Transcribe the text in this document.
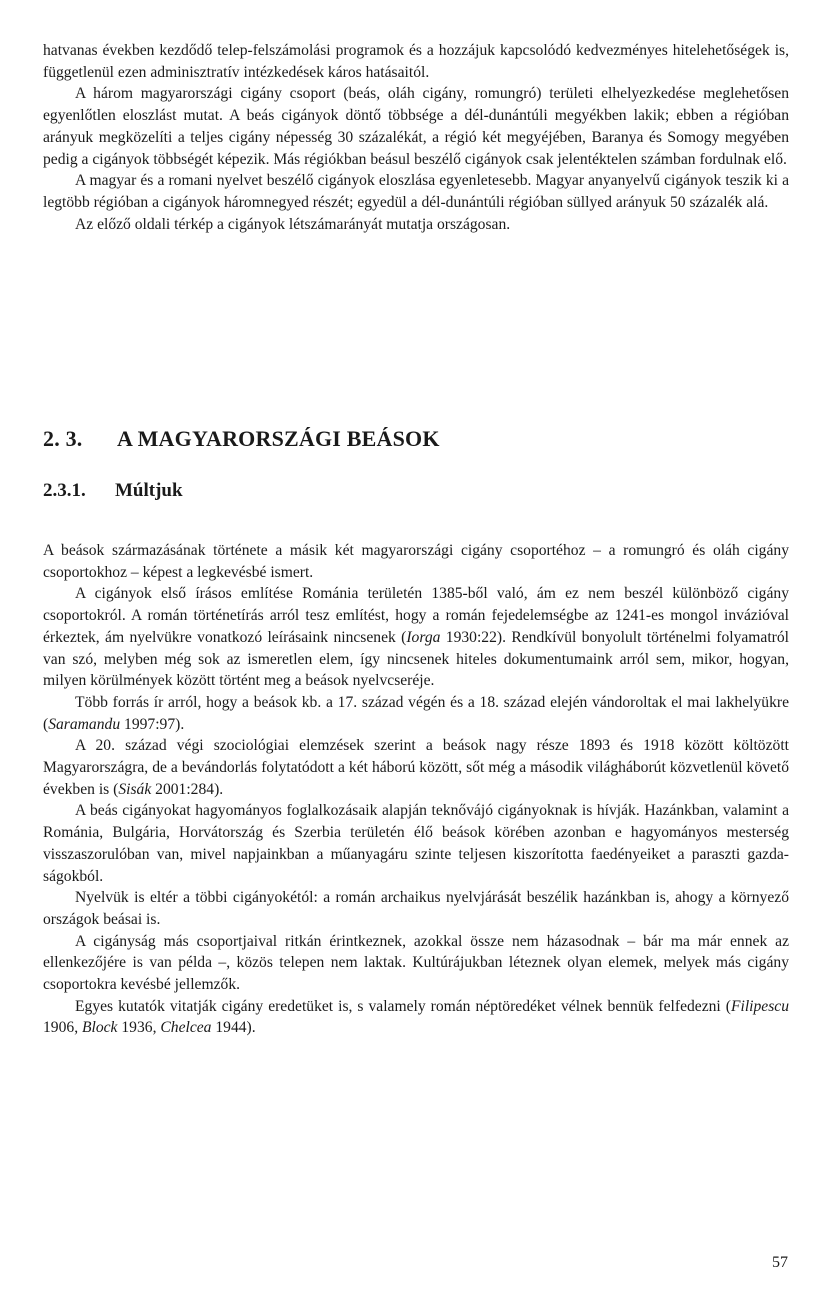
hatvanas években kezdődő telep-felszámolási programok és a hozzájuk kapcsolódó kedvezményes hitelehetőségek is, függetlenül ezen adminisztratív intézkedések káros hatásaitól.

A három magyarországi cigány csoport (beás, oláh cigány, romungró) területi elhelyezkedése meglehetősen egyenlőtlen eloszlást mutat. A beás cigányok döntő többsége a dél-dunántúli megyékben lakik; ebben a régióban arányuk megközelíti a teljes cigány népesség 30 százalékát, a régió két megyéjében, Baranya és Somogy megyében pedig a cigányok többségét képezik. Más régiókban beásul beszélő cigányok csak jelentéktelen számban fordulnak elő.

A magyar és a romani nyelvet beszélő cigányok eloszlása egyenletesebb. Magyar anyanyelvű cigányok teszik ki a legtöbb régióban a cigányok háromnegyed részét; egyedül a dél-dunántúli régióban süllyed arányuk 50 százalék alá.

Az előző oldali térkép a cigányok létszámarányát mutatja országosan.

2. 3. A MAGYARORSZÁGI BEÁSOK
2.3.1. Múltjuk

A beások származásának története a másik két magyarországi cigány csoportéhoz – a romungró és oláh cigány csoportokhoz – képest a legkevésbé ismert.

A cigányok első írásos említése Románia területén 1385-ből való, ám ez nem beszél különböző cigány csoportokról. A román történetírás arról tesz említést, hogy a román fejedelemségbe az 1241-es mongol invázióval érkeztek, ám nyelvükre vonatkozó leírásaink nincsenek (Iorga 1930:22). Rendkívül bonyolult történelmi folyamatról van szó, melyben még sok az ismeretlen elem, így nincsenek hiteles dokumentumaink arról sem, mikor, hogyan, milyen körülmények között történt meg a beások nyelvcseréje.

Több forrás ír arról, hogy a beások kb. a 17. század végén és a 18. század elején vándoroltak el mai lakhelyükre (Saramandu 1997:97).

A 20. század végi szociológiai elemzések szerint a beások nagy része 1893 és 1918 között költözött Magyarországra, de a bevándorlás folytatódott a két háború között, sőt még a második világháborút közvetlenül követő években is (Sisák 2001:284).

A beás cigányokat hagyományos foglalkozásaik alapján teknővájó cigányoknak is hívják. Hazánkban, valamint a Románia, Bulgária, Horvátország és Szerbia területén élő beások körében azonban e hagyományos mesterség visszaszorulóban van, mivel napjainkban a műanyagáru szinte teljesen kiszorította faedényeiket a paraszti gazdaságokból.

Nyelvük is eltér a többi cigányokétól: a román archaikus nyelvjárását beszélik hazánkban is, ahogy a környező országok beásai is.

A cigányság más csoportjaival ritkán érintkeznek, azokkal össze nem házasodnak – bár ma már ennek az ellenkezőjére is van példa –, közös telepen nem laktak. Kultúrájukban léteznek olyan elemek, melyek más cigány csoportokra kevésbé jellemzők.

Egyes kutatók vitatják cigány eredetüket is, s valamely román néptöredéket vélnek bennük felfedezni (Filipescu 1906, Block 1936, Chelcea 1944).

57
